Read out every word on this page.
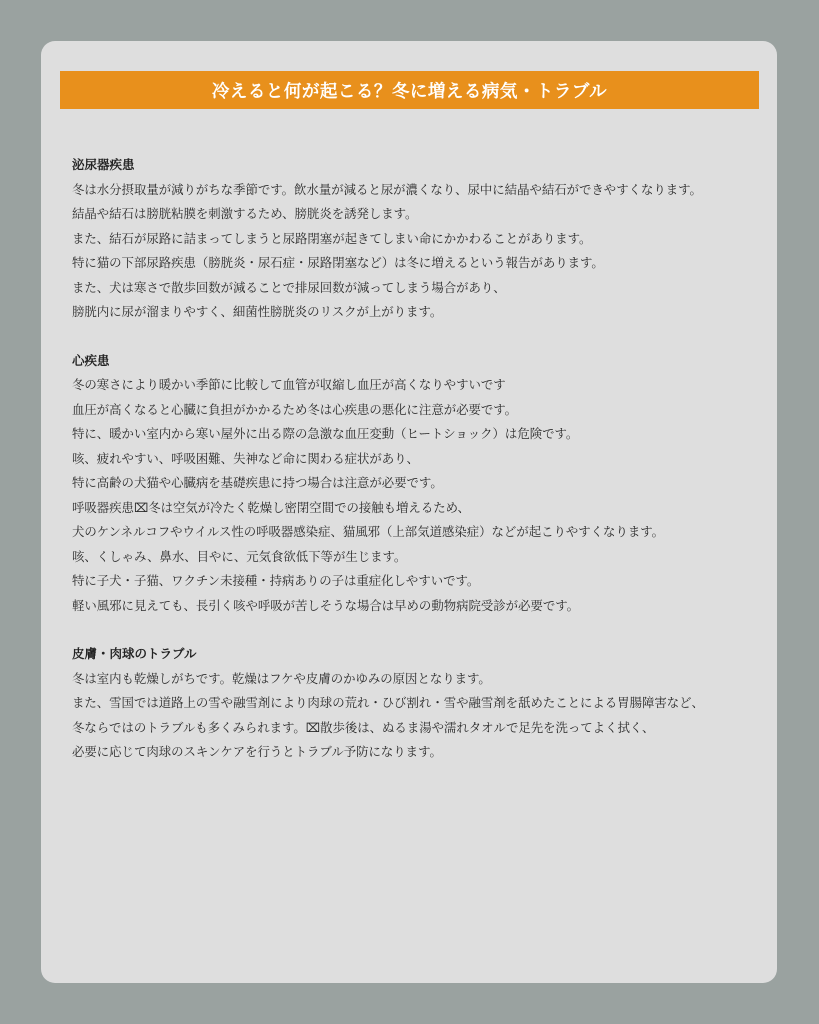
冷えると何が起こる？冬に増える病気・トラブル
泌尿器疾患
冬は水分摂取量が減りがちな季節です。飲水量が減ると尿が濃くなり、尿中に結晶や結石ができやすくなります。
結晶や結石は膀胱粘膜を刺激するため、膀胱炎を誘発します。
また、結石が尿路に詰まってしまうと尿路閉塞が起きてしまい命にかかわることがあります。
特に猫の下部尿路疾患（膀胱炎・尿石症・尿路閉塞など）は冬に増えるという報告があります。
また、犬は寒さで散歩回数が減ることで排尿回数が減ってしまう場合があり、
膀胱内に尿が溜まりやすく、細菌性膀胱炎のリスクが上がります。
心疾患
冬の寒さにより暖かい季節に比較して血管が収縮し血圧が高くなりやすいです
血圧が高くなると心臓に負担がかかるため冬は心疾患の悪化に注意が必要です。
特に、暖かい室内から寒い屋外に出る際の急激な血圧変動（ヒートショック）は危険です。
咳、疲れやすい、呼吸困難、失神など命に関わる症状があり、
特に高齢の犬猫や心臓病を基礎疾患に持つ場合は注意が必要です。
呼吸器疾患⌧冬は空気が冷たく乾燥し密閉空間での接触も増えるため、
犬のケンネルコフやウイルス性の呼吸器感染症、猫風邪（上部気道感染症）などが起こりやすくなります。
咳、くしゃみ、鼻水、目やに、元気食欲低下等が生じます。
特に子犬・子猫、ワクチン未接種・持病ありの子は重症化しやすいです。
軽い風邪に見えても、長引く咳や呼吸が苦しそうな場合は早めの動物病院受診が必要です。
皮膚・肉球のトラブル
冬は室内も乾燥しがちです。乾燥はフケや皮膚のかゆみの原因となります。
また、雪国では道路上の雪や融雪剤により肉球の荒れ・ひび割れ・雪や融雪剤を舐めたことによる胃腸障害など、
冬ならではのトラブルも多くみられます。⌧散歩後は、ぬるま湯や濡れタオルで足先を洗ってよく拭く、
必要に応じて肉球のスキンケアを行うとトラブル予防になります。
